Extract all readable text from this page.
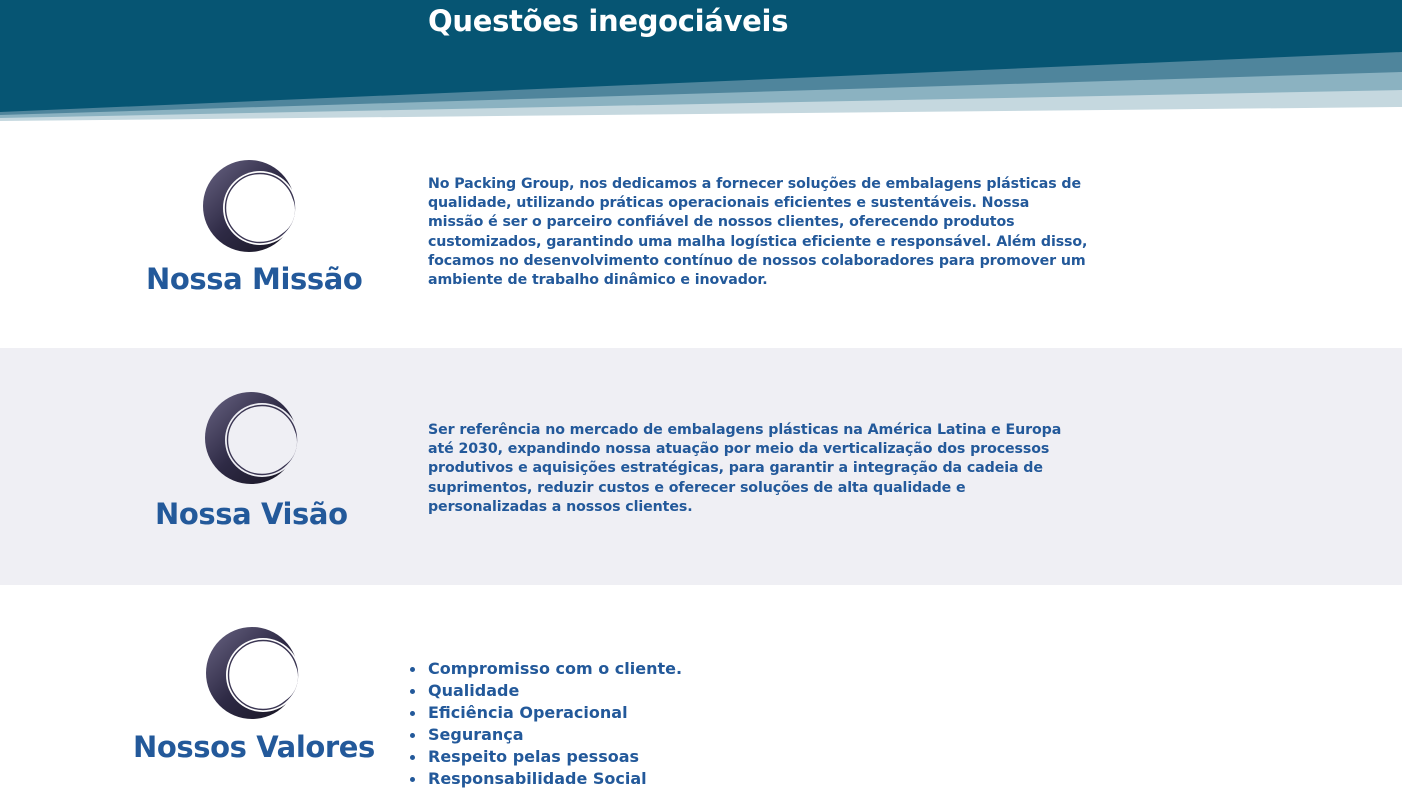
Questões inegociáveis
Nossa Missão

No Packing Group, nos dedicamos a fornecer soluções de embalagens plásticas de qualidade, utilizando práticas operacionais eficientes e sustentáveis. Nossa missão é ser o parceiro confiável de nossos clientes, oferecendo produtos customizados, garantindo uma malha logística eficiente e responsável. Além disso, focamos no desenvolvimento contínuo de nossos colaboradores para promover um ambiente de trabalho dinâmico e inovador.

Nossa Visão

Ser referência no mercado de embalagens plásticas na América Latina e Europa até 2030, expandindo nossa atuação por meio da verticalização dos processos produtivos e aquisições estratégicas, para garantir a integração da cadeia de suprimentos, reduzir custos e oferecer soluções de alta qualidade e personalizadas a nossos clientes.

Nossos Valores
Compromisso com o cliente.
Qualidade
Eficiência Operacional
Segurança
Respeito pelas pessoas
Responsabilidade Social
